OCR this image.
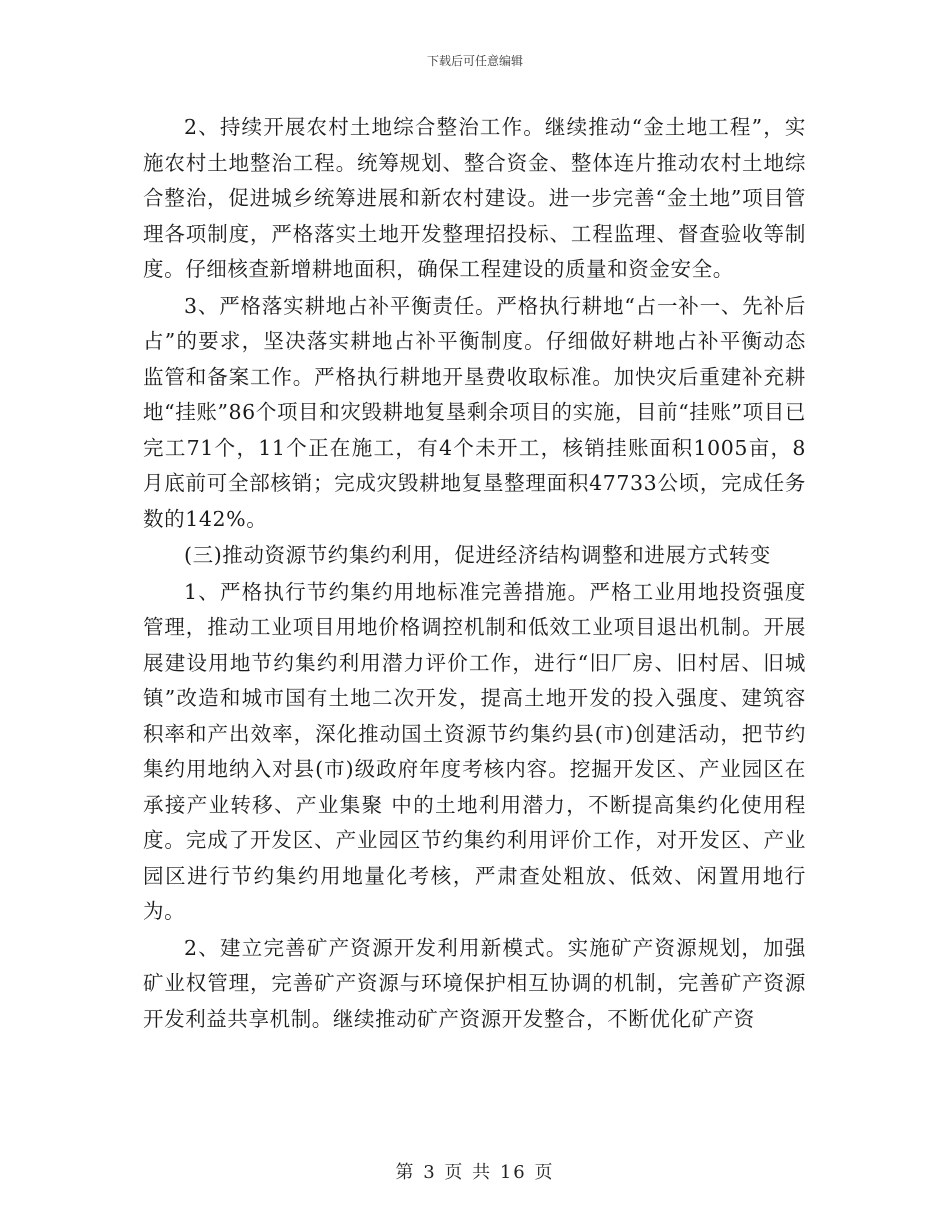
下载后可任意编辑

2、持续开展农村土地综合整治工作。继续推动“金土地工程”，实施农村土地整治工程。统筹规划、整合资金、整体连片推动农村土地综合整治，促进城乡统筹进展和新农村建设。进一步完善“金土地”项目管理各项制度，严格落实土地开发整理招投标、工程监理、督查验收等制度。仔细核查新增耕地面积，确保工程建设的质量和资金安全。

3、严格落实耕地占补平衡责任。严格执行耕地“占一补一、先补后占”的要求，坚决落实耕地占补平衡制度。仔细做好耕地占补平衡动态监管和备案工作。严格执行耕地开垦费收取标准。加快灾后重建补充耕地“挂账”86个项目和灾毁耕地复垦剩余项目的实施，目前“挂账”项目已完工71个，11个正在施工，有4个未开工，核销挂账面积1005亩，8月底前可全部核销；完成灾毁耕地复垦整理面积47733公顷，完成任务数的142%。

(三)推动资源节约集约利用，促进经济结构调整和进展方式转变

1、严格执行节约集约用地标准完善措施。严格工业用地投资强度管理，推动工业项目用地价格调控机制和低效工业项目退出机制。开展展建设用地节约集约利用潜力评价工作，进行“旧厂房、旧村居、旧城镇”改造和城市国有土地二次开发，提高土地开发的投入强度、建筑容积率和产出效率，深化推动国土资源节约集约县(市)创建活动，把节约集约用地纳入对县(市)级政府年度考核内容。挖掘开发区、产业园区在承接产业转移、产业集聚 中的土地利用潜力，不断提高集约化使用程度。完成了开发区、产业园区节约集约利用评价工作，对开发区、产业园区进行节约集约用地量化考核，严肃查处粗放、低效、闲置用地行为。

2、建立完善矿产资源开发利用新模式。实施矿产资源规划，加强矿业权管理，完善矿产资源与环境保护相互协调的机制，完善矿产资源开发利益共享机制。继续推动矿产资源开发整合，不断优化矿产资

第 3 页 共 16 页
